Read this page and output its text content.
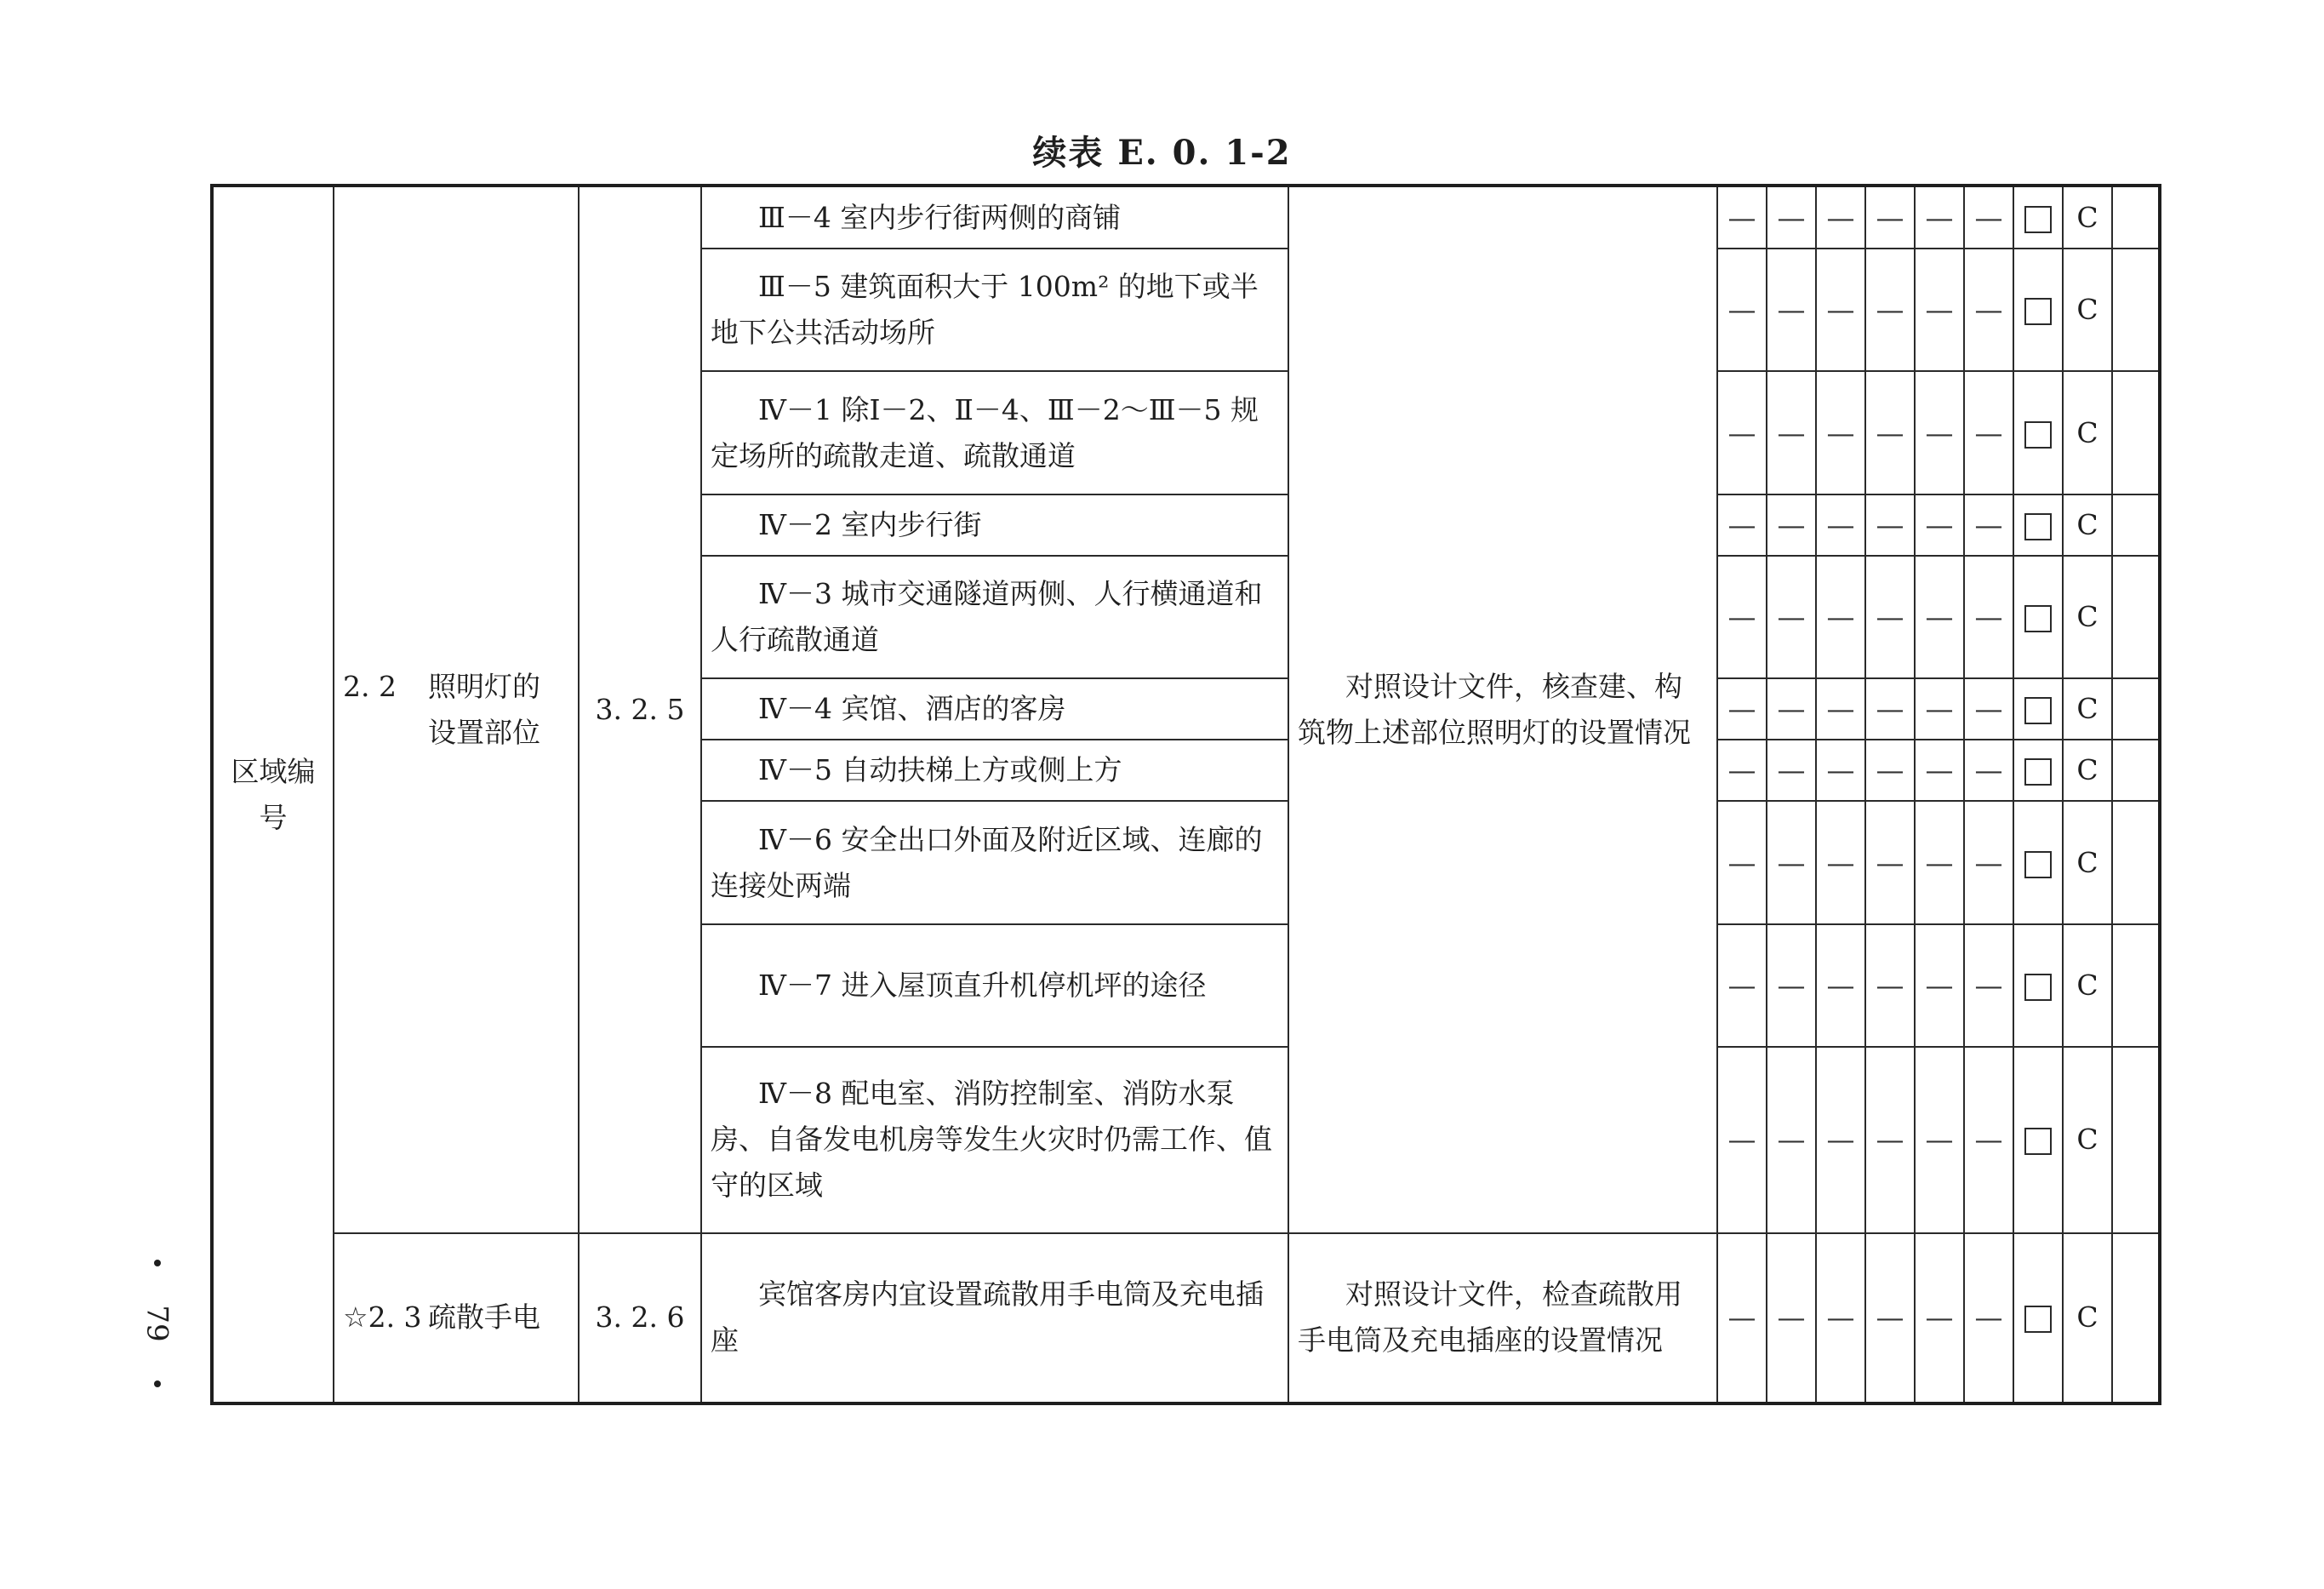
续表 E. 0. 1-2
区域编号	2. 2 照明灯的设置部位	3. 2. 5	Ⅲ－4 室内步行街两侧的商铺	对照设计文件，核查建、构筑物上述部位照明灯的设置情况	—	—	—	—	—	—		C	
			Ⅲ－5 建筑面积大于 100m² 的地下或半地下公共活动场所		—	—	—	—	—	—		C	
			Ⅳ－1 除Ⅰ－2、Ⅱ－4、Ⅲ－2～Ⅲ－5 规定场所的疏散走道、疏散通道		—	—	—	—	—	—		C	
			Ⅳ－2 室内步行街		—	—	—	—	—	—		C	
			Ⅳ－3 城市交通隧道两侧、人行横通道和人行疏散通道		—	—	—	—	—	—		C	
			Ⅳ－4 宾馆、酒店的客房		—	—	—	—	—	—		C	
			Ⅳ－5 自动扶梯上方或侧上方		—	—	—	—	—	—		C	
			Ⅳ－6 安全出口外面及附近区域、连廊的连接处两端		—	—	—	—	—	—		C	
			Ⅳ－7 进入屋顶直升机停机坪的途径		—	—	—	—	—	—		C	
			Ⅳ－8 配电室、消防控制室、消防水泵房、自备发电机房等发生火灾时仍需工作、值守的区域		—	—	—	—	—	—		C	
	☆2. 3 疏散手电	3. 2. 6	宾馆客房内宜设置疏散用手电筒及充电插座	对照设计文件，检查疏散用手电筒及充电插座的设置情况	—	—	—	—	—	—		C	
79
